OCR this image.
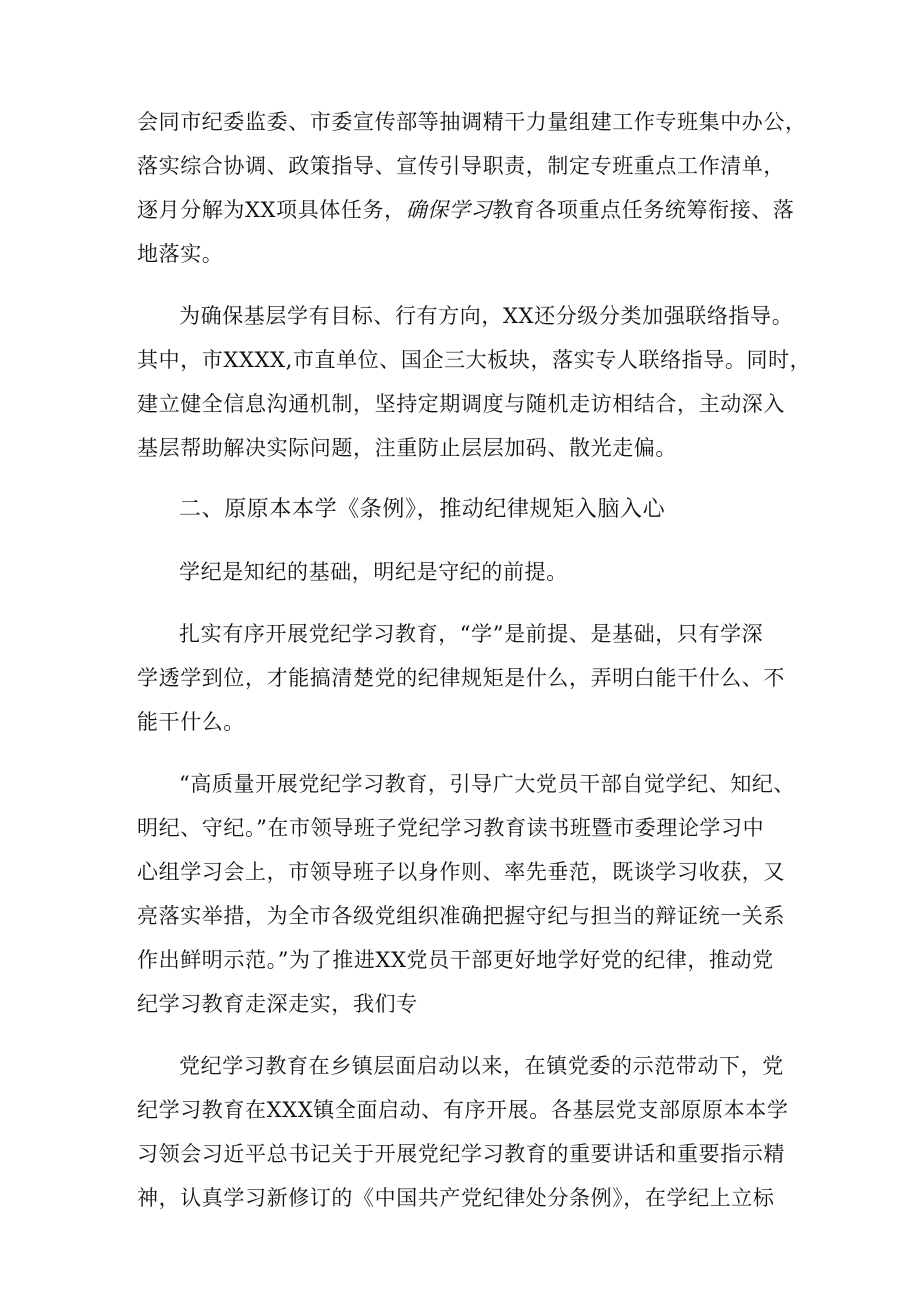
会同市纪委监委、市委宣传部等抽调精干力量组建工作专班集中办公，
落实综合协调、政策指导、宣传引导职责，制定专班重点工作清单，
逐月分解为XX项具体任务，确保学习教育各项重点任务统筹衔接、落
地落实。

为确保基层学有目标、行有方向，XX还分级分类加强联络指导。
其中，市XXXX,市直单位、国企三大板块，落实专人联络指导。同时，
建立健全信息沟通机制，坚持定期调度与随机走访相结合，主动深入
基层帮助解决实际问题，注重防止层层加码、散光走偏。

二、原原本本学《条例》，推动纪律规矩入脑入心

学纪是知纪的基础，明纪是守纪的前提。

扎实有序开展党纪学习教育，“学”是前提、是基础，只有学深
学透学到位，才能搞清楚党的纪律规矩是什么，弄明白能干什么、不
能干什么。

“高质量开展党纪学习教育，引导广大党员干部自觉学纪、知纪、
明纪、守纪。”在市领导班子党纪学习教育读书班暨市委理论学习中
心组学习会上，市领导班子以身作则、率先垂范，既谈学习收获，又
亮落实举措，为全市各级党组织准确把握守纪与担当的辩证统一关系
作出鲜明示范。”为了推进XX党员干部更好地学好党的纪律，推动党
纪学习教育走深走实，我们专

党纪学习教育在乡镇层面启动以来，在镇党委的示范带动下，党
纪学习教育在XXX镇全面启动、有序开展。各基层党支部原原本本学
习领会习近平总书记关于开展党纪学习教育的重要讲话和重要指示精
神，认真学习新修订的《中国共产党纪律处分条例》，在学纪上立标
